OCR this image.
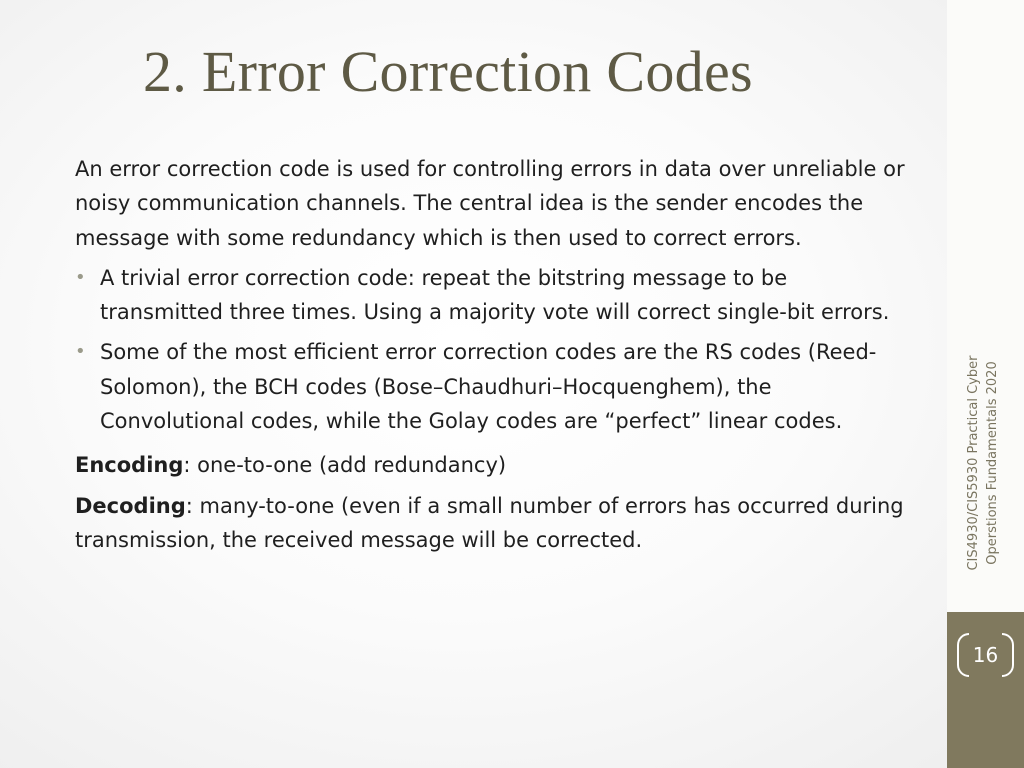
2. Error Correction Codes

An error correction code is used for controlling errors in data over unreliable or noisy communication channels. The central idea is the sender encodes the message with some redundancy which is then used to correct errors.

• A trivial error correction code: repeat the bitstring message to be transmitted three times. Using a majority vote will correct single-bit errors.
• Some of the most efficient error correction codes are the RS codes (Reed-Solomon), the BCH codes (Bose–Chaudhuri–Hocquenghem), the Convolutional codes, while the Golay codes are “perfect” linear codes.

Encoding: one-to-one (add redundancy)

Decoding: many-to-one (even if a small number of errors has occurred during transmission, the received message will be corrected.	CIS4930/CIS5930 Practical Cyber Operstions Fundamentals 2020
16
